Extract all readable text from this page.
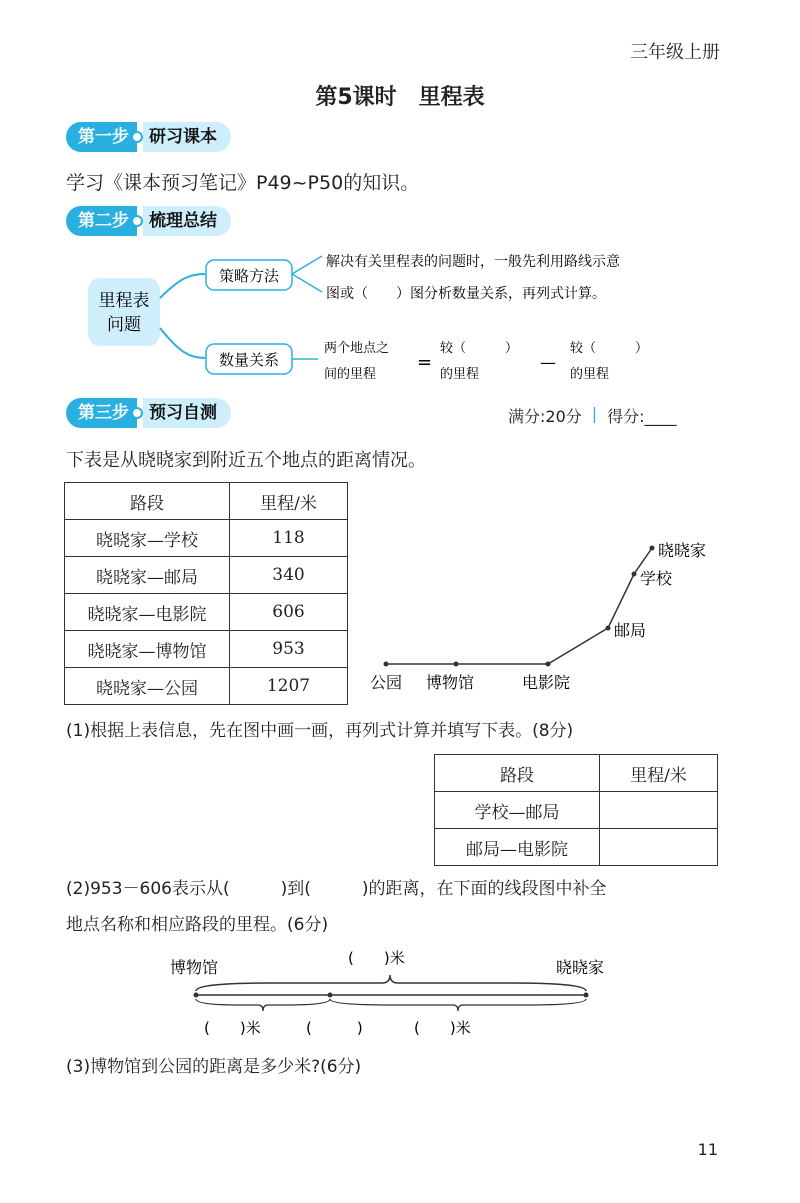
三年级上册
第5课时　里程表
第一步	研习课本
学习《课本预习笔记》P49~P50的知识。
第二步	梳理总结
里程表
问题
策略方法
数量关系
解决有关里程表的问题时，一般先利用路线示意
图或（　　）图分析数量关系，再列式计算。
两个地点之
间的里程
=
较（　　　）
的里程
—
较（　　　）
的里程
第三步	预习自测	满分:20分 | 得分:____
下表是从晓晓家到附近五个地点的距离情况。
路段	里程/米
晓晓家—学校	118
晓晓家—邮局	340
晓晓家—电影院	606
晓晓家—博物馆	953
晓晓家—公园	1207	公园 博物馆	电影院
邮局
学校
晓晓家
(1)根据上表信息，先在图中画一画，再列式计算并填写下表。(8分)
路段	里程/米
学校—邮局	
邮局—电影院	
(2)953－606表示从(　　　)到(　　　)的距离，在下面的线段图中补全
地点名称和相应路段的里程。(6分)
博物馆	晓晓家
(　　)米
(　　)米	(　　　)	(　　)米
(3)博物馆到公园的距离是多少米?(6分)
11
